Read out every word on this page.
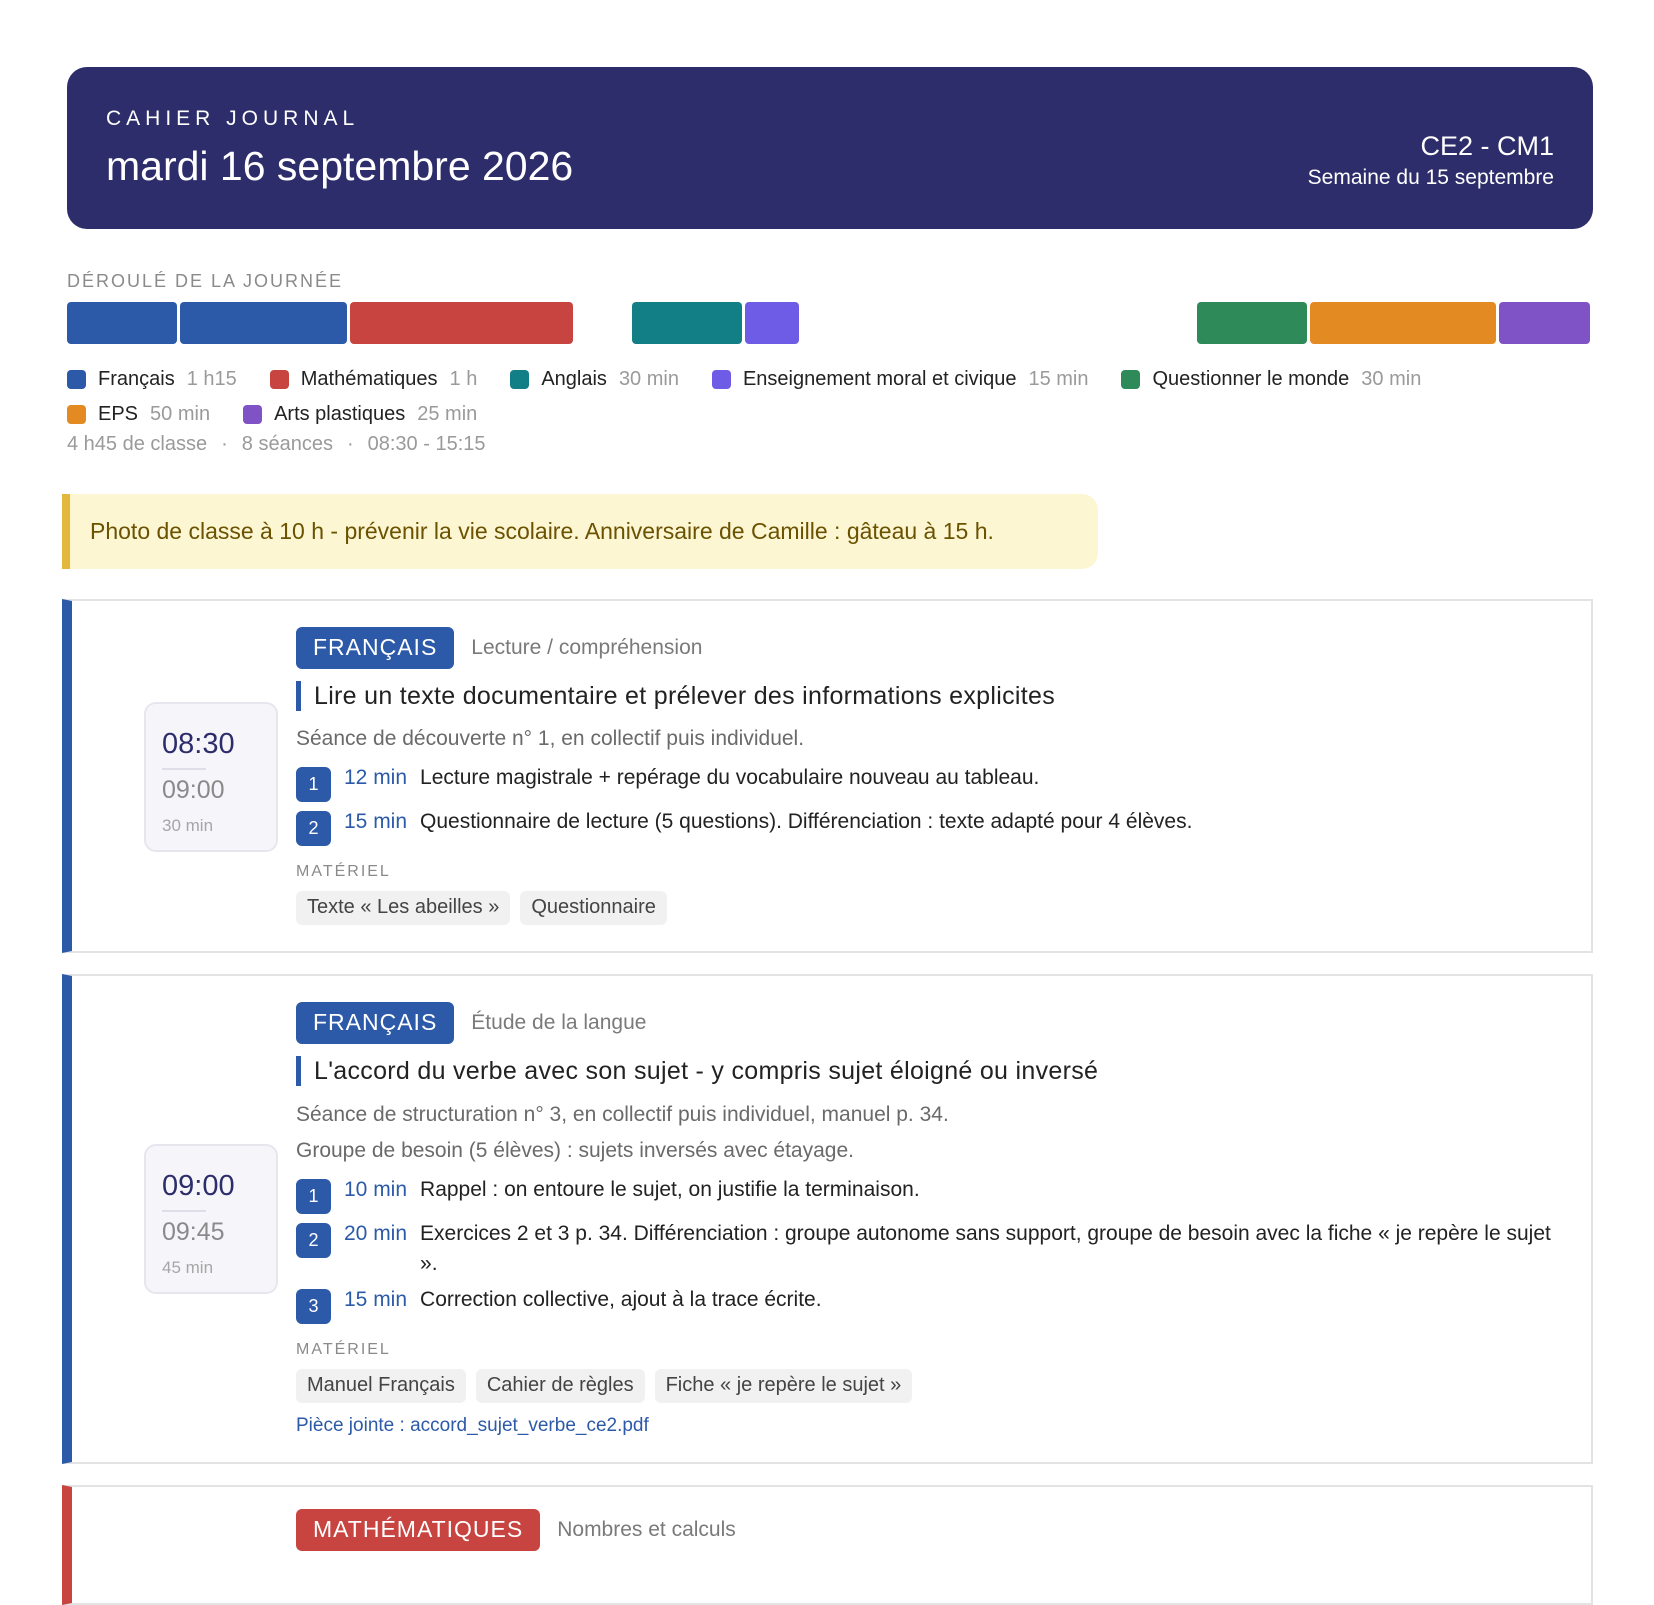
CAHIER JOURNAL
mardi 16 septembre 2026	CE2 - CM1
Semaine du 15 septembre
DÉROULÉ DE LA JOURNÉE
Français 1 h15	Mathématiques 1 h	Anglais 30 min	Enseignement moral et civique 15 min	Questionner le monde 30 min
EPS 50 min	Arts plastiques 25 min
4 h45 de classe · 8 séances · 08:30 - 15:15
Photo de classe à 10 h - prévenir la vie scolaire. Anniversaire de Camille : gâteau à 15 h.
08:30
09:00
30 min
FRANÇAIS	Lecture / compréhension
Lire un texte documentaire et prélever des informations explicites
Séance de découverte n° 1, en collectif puis individuel.
1	12 min Lecture magistrale + repérage du vocabulaire nouveau au tableau.
2	15 min Questionnaire de lecture (5 questions). Différenciation : texte adapté pour 4 élèves.
MATÉRIEL
Texte « Les abeilles »	Questionnaire
09:00
09:45
45 min
FRANÇAIS	Étude de la langue
L'accord du verbe avec son sujet - y compris sujet éloigné ou inversé
Séance de structuration n° 3, en collectif puis individuel, manuel p. 34.
Groupe de besoin (5 élèves) : sujets inversés avec étayage.
1	10 min Rappel : on entoure le sujet, on justifie la terminaison.
2	20 min Exercices 2 et 3 p. 34. Différenciation : groupe autonome sans support, groupe de besoin avec la fiche « je repère le sujet ».
3	15 min Correction collective, ajout à la trace écrite.
MATÉRIEL
Manuel Français	Cahier de règles	Fiche « je repère le sujet »
Pièce jointe : accord_sujet_verbe_ce2.pdf
MATHÉMATIQUES	Nombres et calculs
